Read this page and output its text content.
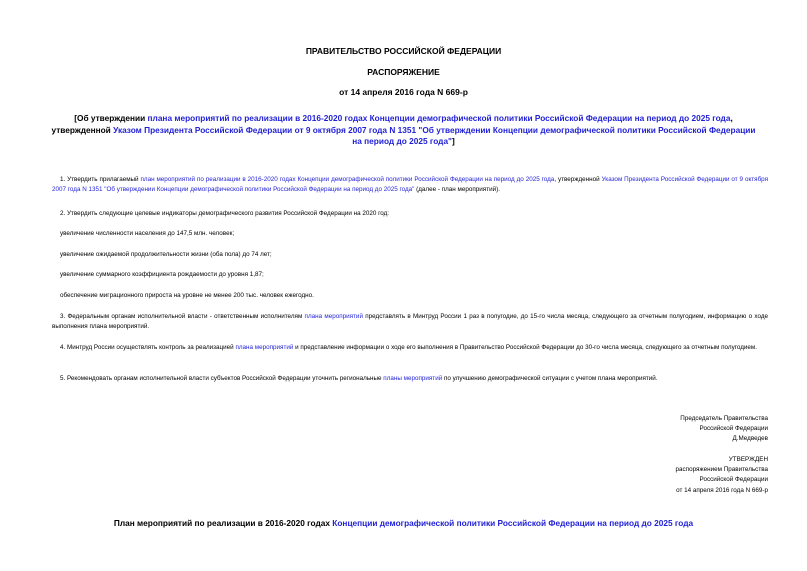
ПРАВИТЕЛЬСТВО РОССИЙСКОЙ ФЕДЕРАЦИИ
РАСПОРЯЖЕНИЕ
от 14 апреля 2016 года N 669-р
[Об утверждении плана мероприятий по реализации в 2016-2020 годах Концепции демографической политики Российской Федерации на период до 2025 года, утвержденной Указом Президента Российской Федерации от 9 октября 2007 года N 1351 "Об утверждении Концепции демографической политики Российской Федерации на период до 2025 года"]
1. Утвердить прилагаемый план мероприятий по реализации в 2016-2020 годах Концепции демографической политики Российской Федерации на период до 2025 года, утвержденной Указом Президента Российской Федерации от 9 октября 2007 года N 1351 "Об утверждении Концепции демографической политики Российской Федерации на период до 2025 года" (далее - план мероприятий).
2. Утвердить следующие целевые индикаторы демографического развития Российской Федерации на 2020 год:
увеличение численности населения до 147,5 млн. человек;
увеличение ожидаемой продолжительности жизни (оба пола) до 74 лет;
увеличение суммарного коэффициента рождаемости до уровня 1,87;
обеспечение миграционного прироста на уровне не менее 200 тыс. человек ежегодно.
3. Федеральным органам исполнительной власти - ответственным исполнителям плана мероприятий представлять в Минтруд России 1 раз в полугодие, до 15-го числа месяца, следующего за отчетным полугодием, информацию о ходе выполнения плана мероприятий.
4. Минтруд России осуществлять контроль за реализацией плана мероприятий и представление информации о ходе его выполнения в Правительство Российской Федерации до 30-го числа месяца, следующего за отчетным полугодием.
5. Рекомендовать органам исполнительной власти субъектов Российской Федерации уточнить региональные планы мероприятий по улучшению демографической ситуации с учетом плана мероприятий.
Председатель Правительства
Российской Федерации
Д.Медведев
УТВЕРЖДЕН
распоряжением Правительства
Российской Федерации
от 14 апреля 2016 года N 669-р
План мероприятий по реализации в 2016-2020 годах Концепции демографической политики Российской Федерации на период до 2025 года
